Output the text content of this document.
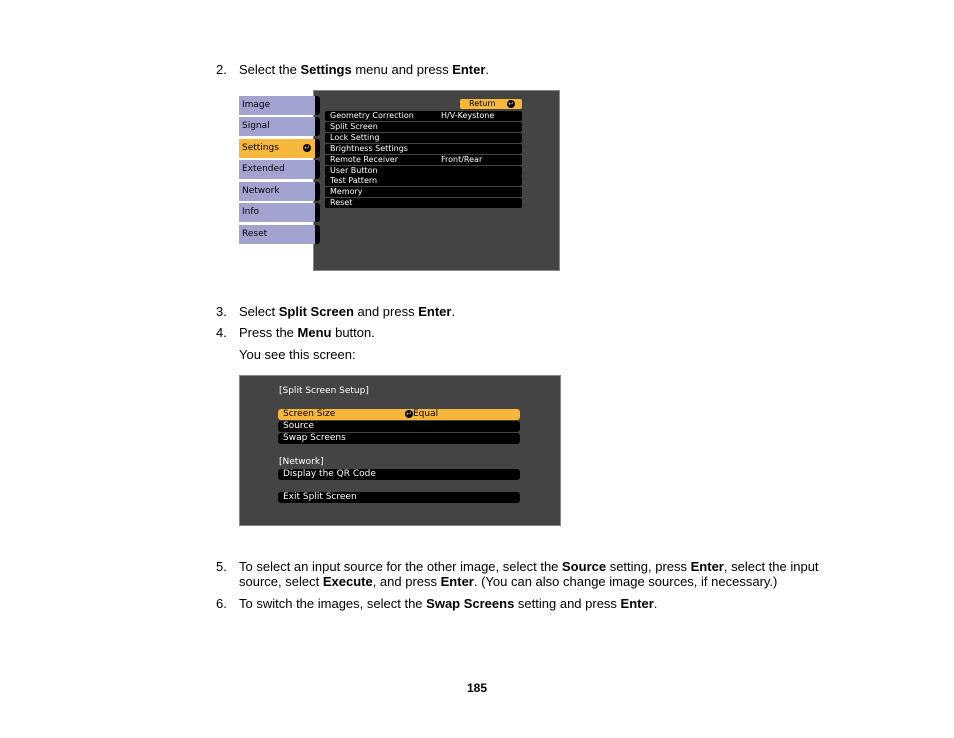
2. Select the Settings menu and press Enter.
Image
Signal
Settings	↵
Extended
Network
Info
Reset
Return ↵
Geometry Correction	H/V-Keystone
Split Screen
Lock Setting
Brightness Settings
Remote Receiver	Front/Rear
User Button
Test Pattern
Memory
Reset
3. Select Split Screen and press Enter.
4. Press the Menu button.
You see this screen:
[Split Screen Setup]
Screen Size	↵Equal
Source
Swap Screens
[Network]
Display the QR Code
Exit Split Screen
5. To select an input source for the other image, select the Source setting, press Enter, select the input source, select Execute, and press Enter. (You can also change image sources, if necessary.)
6. To switch the images, select the Swap Screens setting and press Enter.
185
